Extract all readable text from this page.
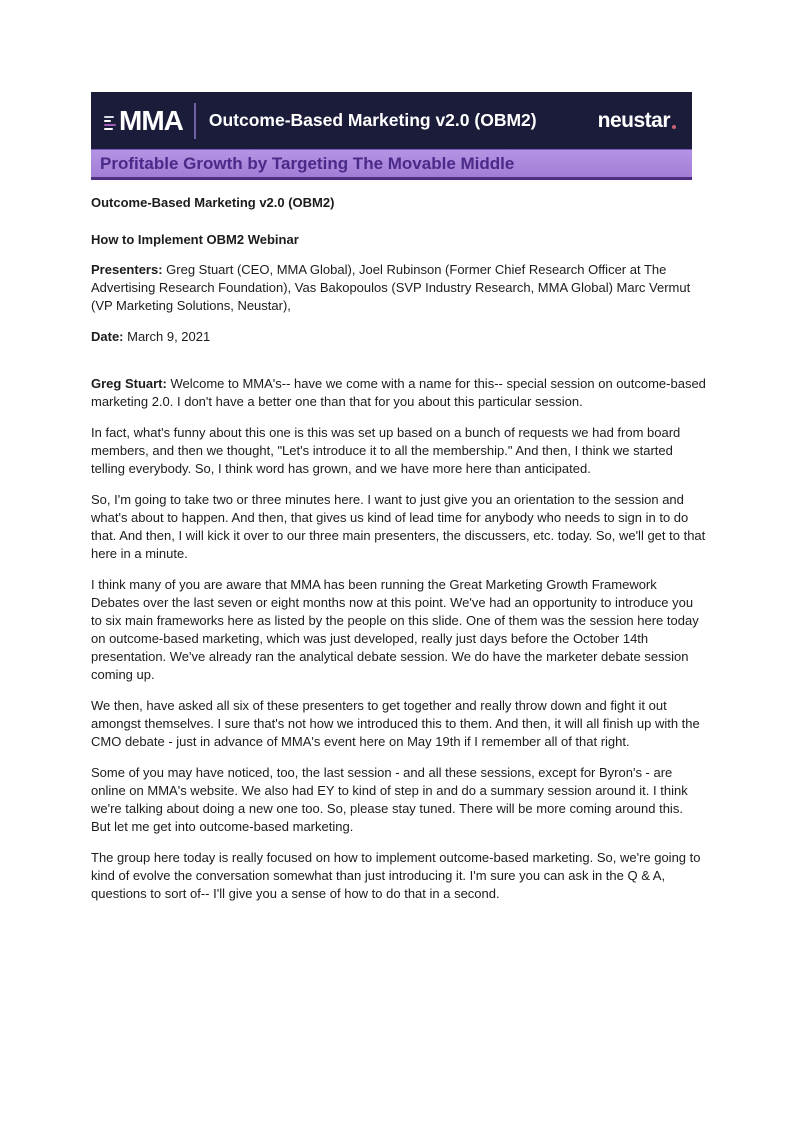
MMA Outcome-Based Marketing v2.0 (OBM2)	neustar
Profitable Growth by Targeting The Movable Middle

Outcome-Based Marketing v2.0 (OBM2)

How to Implement OBM2 Webinar

Presenters: Greg Stuart (CEO, MMA Global), Joel Rubinson (Former Chief Research Officer at The Advertising Research Foundation), Vas Bakopoulos (SVP Industry Research, MMA Global) Marc Vermut (VP Marketing Solutions, Neustar),

Date: March 9, 2021

Greg Stuart: Welcome to MMA's-- have we come with a name for this-- special session on outcome-based marketing 2.0. I don't have a better one than that for you about this particular session.

In fact, what's funny about this one is this was set up based on a bunch of requests we had from board members, and then we thought, "Let's introduce it to all the membership." And then, I think we started telling everybody. So, I think word has grown, and we have more here than anticipated.

So, I'm going to take two or three minutes here. I want to just give you an orientation to the session and what's about to happen. And then, that gives us kind of lead time for anybody who needs to sign in to do that. And then, I will kick it over to our three main presenters, the discussers, etc. today. So, we'll get to that here in a minute.

I think many of you are aware that MMA has been running the Great Marketing Growth Framework Debates over the last seven or eight months now at this point. We've had an opportunity to introduce you to six main frameworks here as listed by the people on this slide. One of them was the session here today on outcome-based marketing, which was just developed, really just days before the October 14th presentation. We've already ran the analytical debate session. We do have the marketer debate session coming up.

We then, have asked all six of these presenters to get together and really throw down and fight it out amongst themselves. I sure that's not how we introduced this to them. And then, it will all finish up with the CMO debate - just in advance of MMA's event here on May 19th if I remember all of that right.

Some of you may have noticed, too, the last session - and all these sessions, except for Byron's - are online on MMA's website. We also had EY to kind of step in and do a summary session around it. I think we're talking about doing a new one too. So, please stay tuned. There will be more coming around this. But let me get into outcome-based marketing.

The group here today is really focused on how to implement outcome-based marketing. So, we're going to kind of evolve the conversation somewhat than just introducing it. I'm sure you can ask in the Q & A, questions to sort of-- I'll give you a sense of how to do that in a second.
